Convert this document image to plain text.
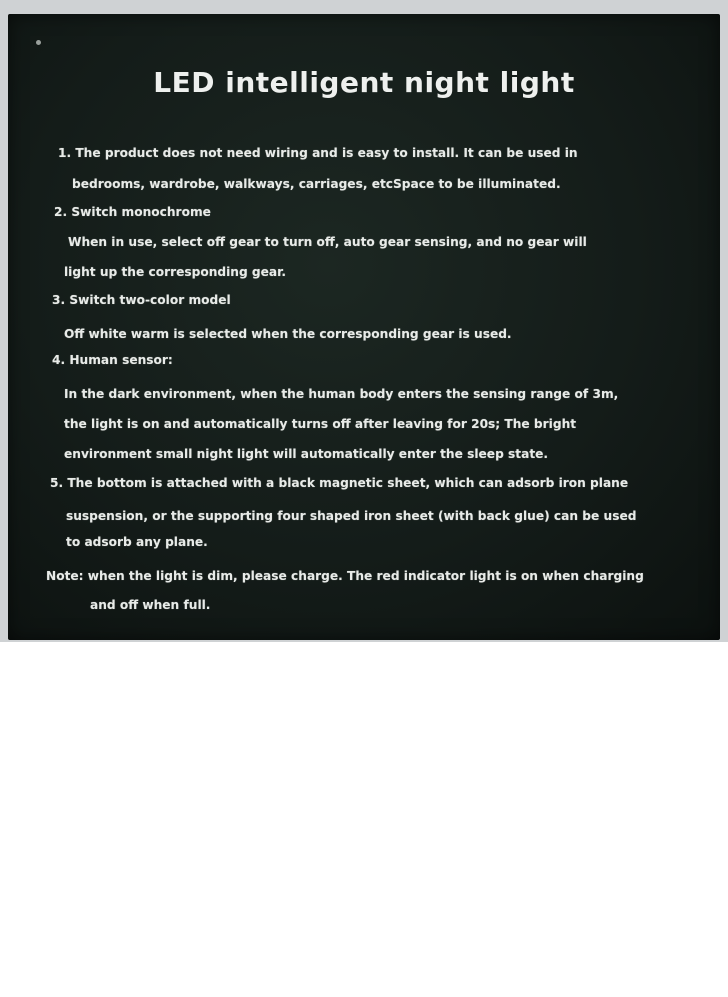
LED intelligent night light
1. The product does not need wiring and is easy to install. It can be used in
bedrooms, wardrobe, walkways, carriages, etcSpace to be illuminated.
2. Switch monochrome
When in use, select off gear to turn off, auto gear sensing, and no gear will
light up the corresponding gear.
3. Switch two-color model
Off white warm is selected when the corresponding gear is used.
4. Human sensor:
In the dark environment, when the human body enters the sensing range of 3m,
the light is on and automatically turns off after leaving for 20s; The bright
environment small night light will automatically enter the sleep state.
5. The bottom is attached with a black magnetic sheet, which can adsorb iron plane
suspension, or the supporting four shaped iron sheet (with back glue) can be used
to adsorb any plane.
Note: when the light is dim, please charge. The red indicator light is on when charging
and off when full.
